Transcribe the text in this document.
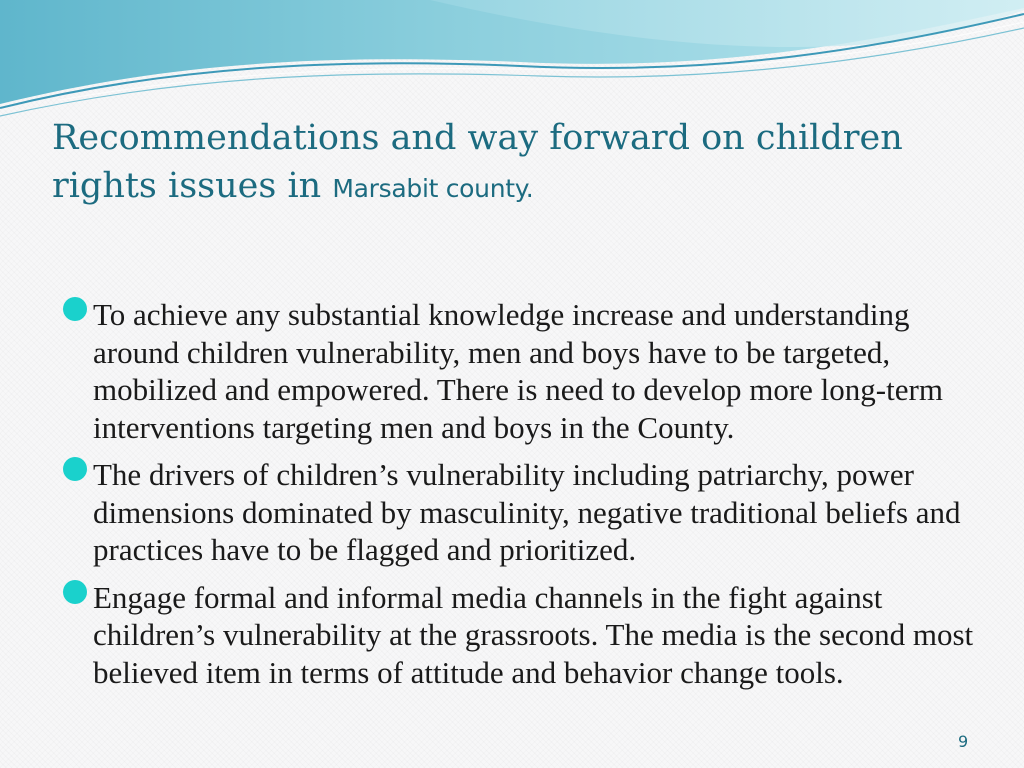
Recommendations and way forward on children rights issues in Marsabit county.
To achieve any substantial knowledge increase and understanding around children vulnerability, men and boys have to be targeted, mobilized and empowered. There is need to develop more long-term interventions targeting men and boys in the County.
The drivers of children’s vulnerability including patriarchy, power dimensions dominated by masculinity, negative traditional beliefs and practices have to be flagged and prioritized.
Engage formal and informal media channels in the fight against children’s vulnerability at the grassroots. The media is the second most believed item in terms of attitude and behavior change tools.
9
